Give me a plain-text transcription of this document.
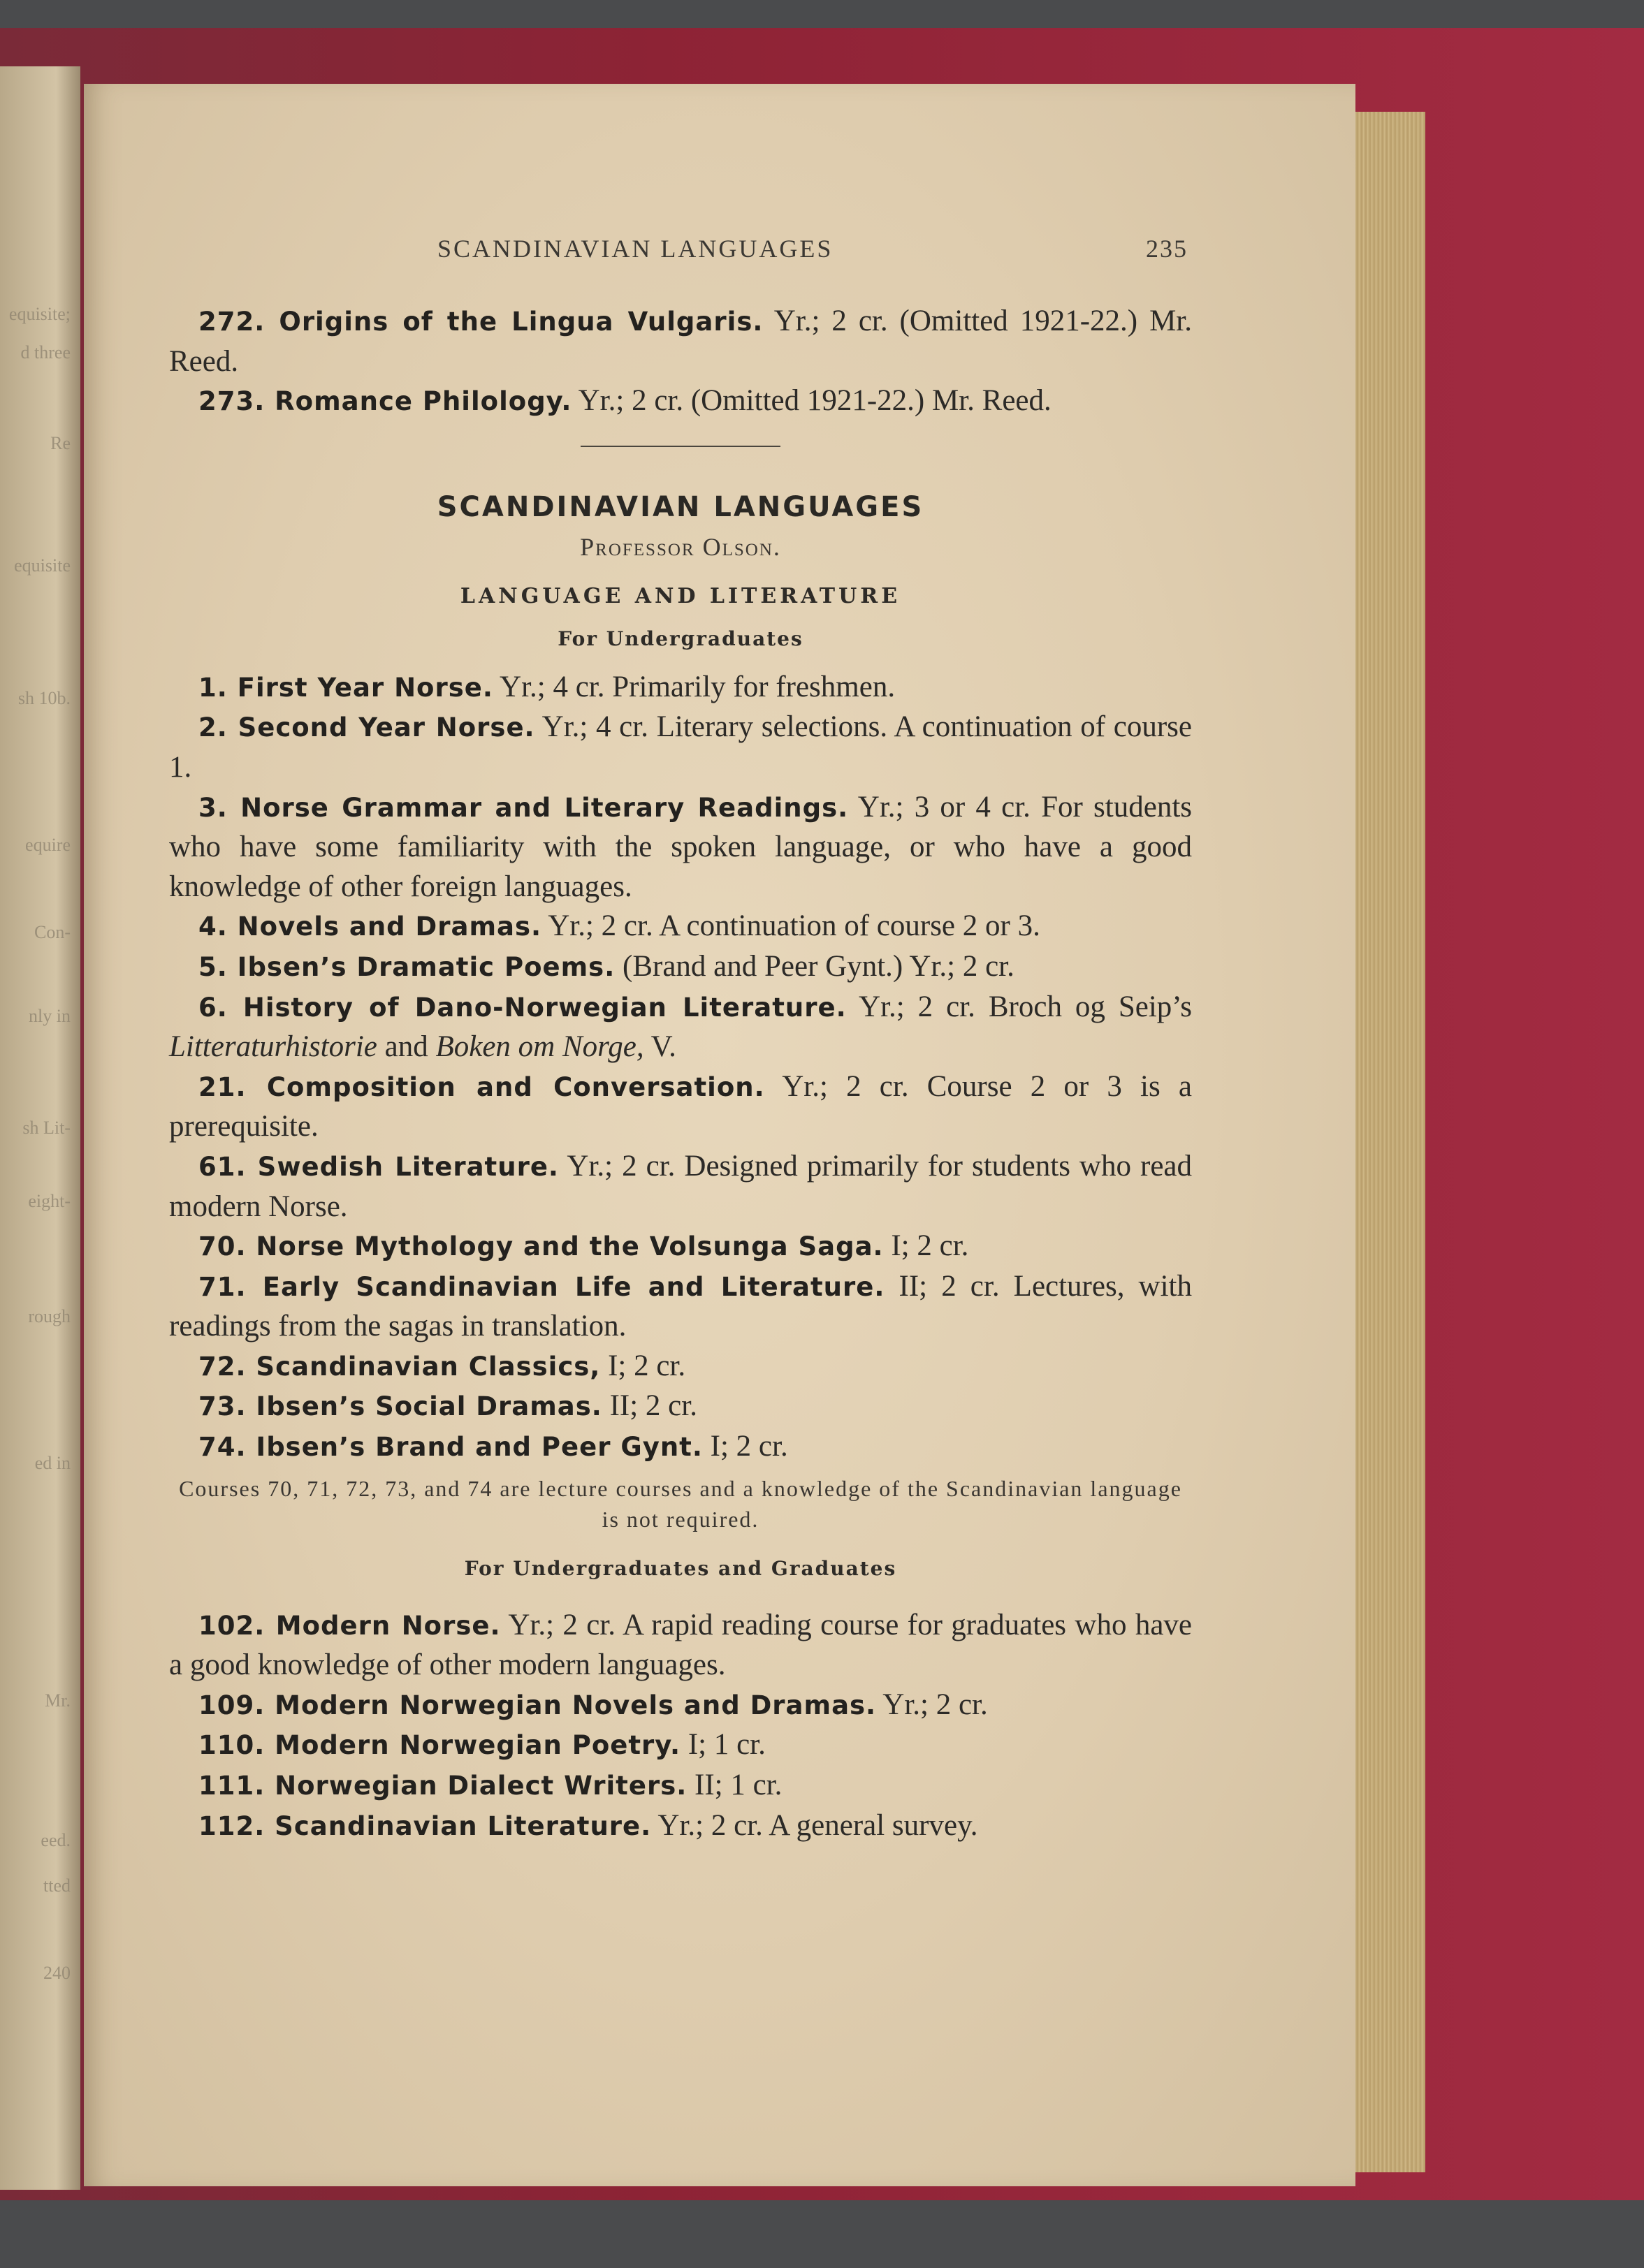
equisite;
d three
Re
equisite
sh 10b.
equire
Con-
nly in
sh Lit-
eight-
rough
ed in
Mr.
eed.
tted
240
SCANDINAVIAN LANGUAGES	235

272. Origins of the Lingua Vulgaris. Yr.; 2 cr. (Omitted 1921-22.) Mr. Reed.

273. Romance Philology. Yr.; 2 cr. (Omitted 1921-22.) Mr. Reed.

SCANDINAVIAN LANGUAGES
Professor Olson.
LANGUAGE AND LITERATURE
For Undergraduates

1. First Year Norse. Yr.; 4 cr. Primarily for freshmen.

2. Second Year Norse. Yr.; 4 cr. Literary selections. A continuation of course 1.

3. Norse Grammar and Literary Readings. Yr.; 3 or 4 cr. For students who have some familiarity with the spoken language, or who have a good knowledge of other foreign languages.

4. Novels and Dramas. Yr.; 2 cr. A continuation of course 2 or 3.

5. Ibsen’s Dramatic Poems. (Brand and Peer Gynt.) Yr.; 2 cr.

6. History of Dano-Norwegian Literature. Yr.; 2 cr. Broch og Seip’s Litteraturhistorie and Boken om Norge, V.

21. Composition and Conversation. Yr.; 2 cr. Course 2 or 3 is a prerequisite.

61. Swedish Literature. Yr.; 2 cr. Designed primarily for students who read modern Norse.

70. Norse Mythology and the Volsunga Saga. I; 2 cr.

71. Early Scandinavian Life and Literature. II; 2 cr. Lectures, with readings from the sagas in translation.

72. Scandinavian Classics, I; 2 cr.

73. Ibsen’s Social Dramas. II; 2 cr.

74. Ibsen’s Brand and Peer Gynt. I; 2 cr.

Courses 70, 71, 72, 73, and 74 are lecture courses and a knowledge of the Scandinavian language is not required.
For Undergraduates and Graduates

102. Modern Norse. Yr.; 2 cr. A rapid reading course for graduates who have a good knowledge of other modern languages.

109. Modern Norwegian Novels and Dramas. Yr.; 2 cr.

110. Modern Norwegian Poetry. I; 1 cr.

111. Norwegian Dialect Writers. II; 1 cr.

112. Scandinavian Literature. Yr.; 2 cr. A general survey.
